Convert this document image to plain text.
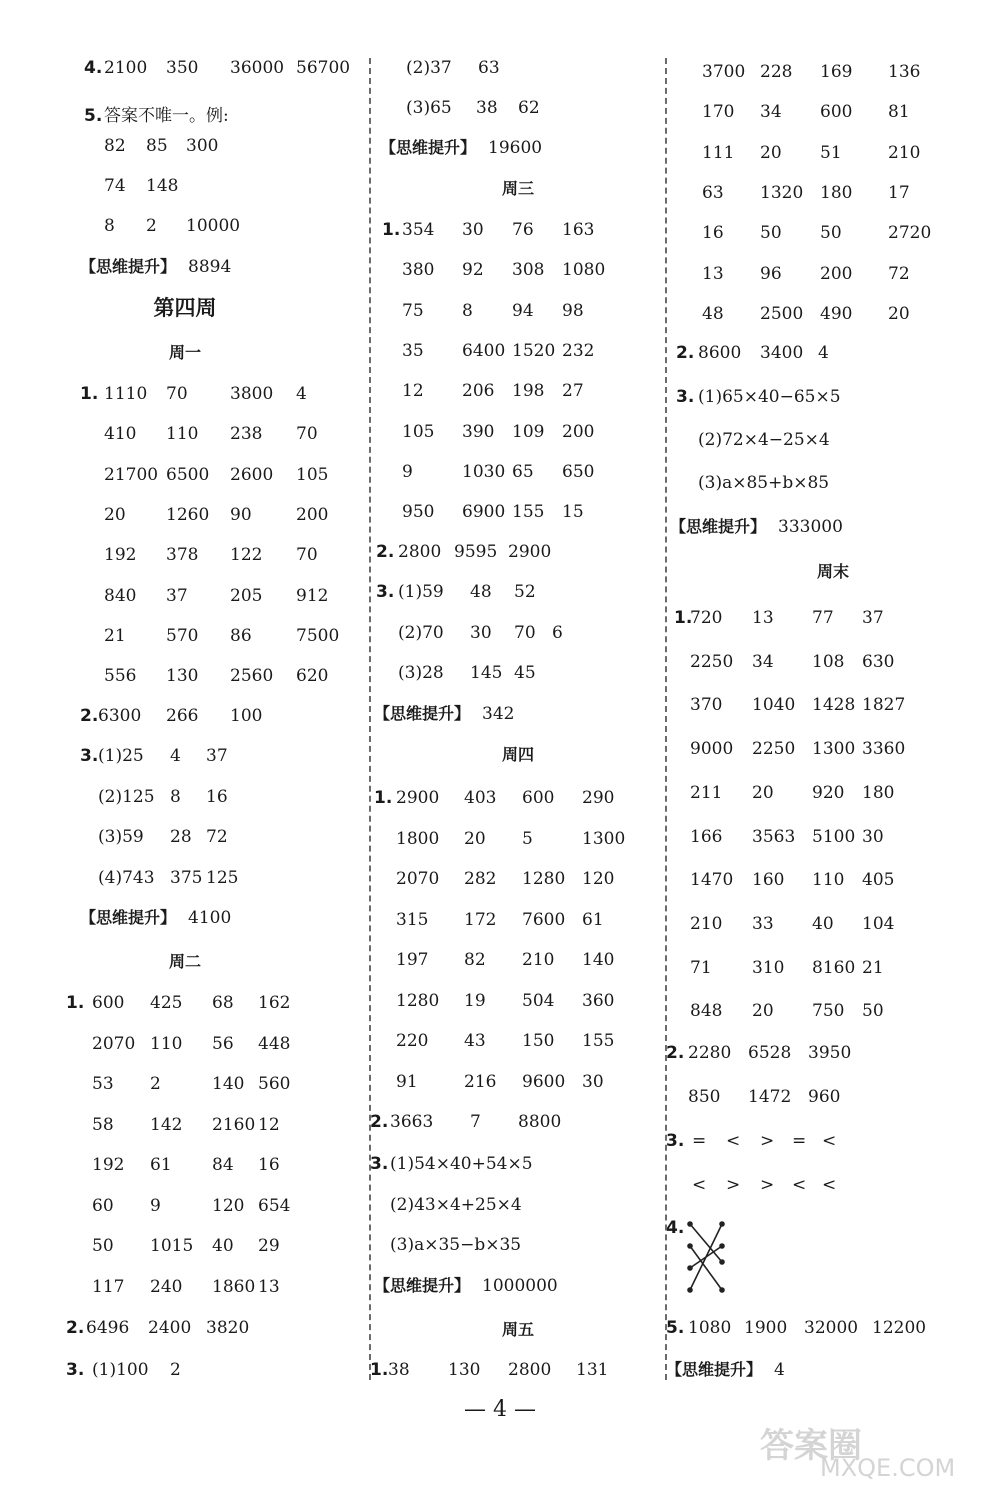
4. 2100 350 36000 56700
5. 答案不唯一。例:
82 85 300
74 148
8 2 10000
【思维提升】 8894
第四周
周一
1. 1110 70 3800 4
410 110 238 70
21700 6500 2600 105
20 1260 90	200
192 378 122 70
840 37 205 912
21 570 86	7500
556 130 2560 620
2. 6300 266 100
3. (1)25 4 37
(2)125 8 16
(3)59 28 72
(4)743 375 125
【思维提升】 4100
周二
1. 600 425 68 162
2070 110 56 448
53 2	140 560
58 142 2160 12
192 61 84 16
60 9	120 654
50 1015 40 29
117 240 1860 13
2. 6496 2400 3820
3. (1)100 2
(2)37 63
(3)65 38 62
【思维提升】 19600
周三
1. 354 30 76 163
380 92 308 1080
75 8 94 98
35 6400 1520 232
12 206 198 27
105 390 109 200
9	1030 65 650
950 6900 155 15
2. 2800 9595 2900
3. (1)59 48 52
(2)70 30 70 6
(3)28 145 45
【思维提升】 342
周四
1. 2900 403 600 290
1800 20 5	1300
2070 282 1280 120
315 172 7600 61
197 82 210 140
1280 19 504 360
220 43 150 155
91	216 9600 30
2. 3663 7 8800
3. (1)54×40+54×5
(2)43×4+25×4
(3)a×35−b×35
【思维提升】 1000000
周五
1. 38 130 2800 131
3700 228 169 136
170 34 600 81
111 20 51	210
63 1320 180 17
16 50 50	2720
13 96 200 72
48 2500 490 20
2. 8600 3400 4
3. (1)65×40−65×5
(2)72×4−25×4
(3)a×85+b×85
【思维提升】 333000
周末
1.
720 13 77 37
2250 34 108 630
370 1040 1428 1827
9000 2250 1300 3360
211 20 920 180
166 3563 5100 30
1470 160 110 405
210 33 40 104
71 310 8160 21
848 20 750 50
2. 2280 6528 3950
850 1472 960
3. = < > = <
< > > < <
4.
5. 1080 1900 32000 12200
【思维提升】 4
— 4 —
答案圈
MXQE.COM
